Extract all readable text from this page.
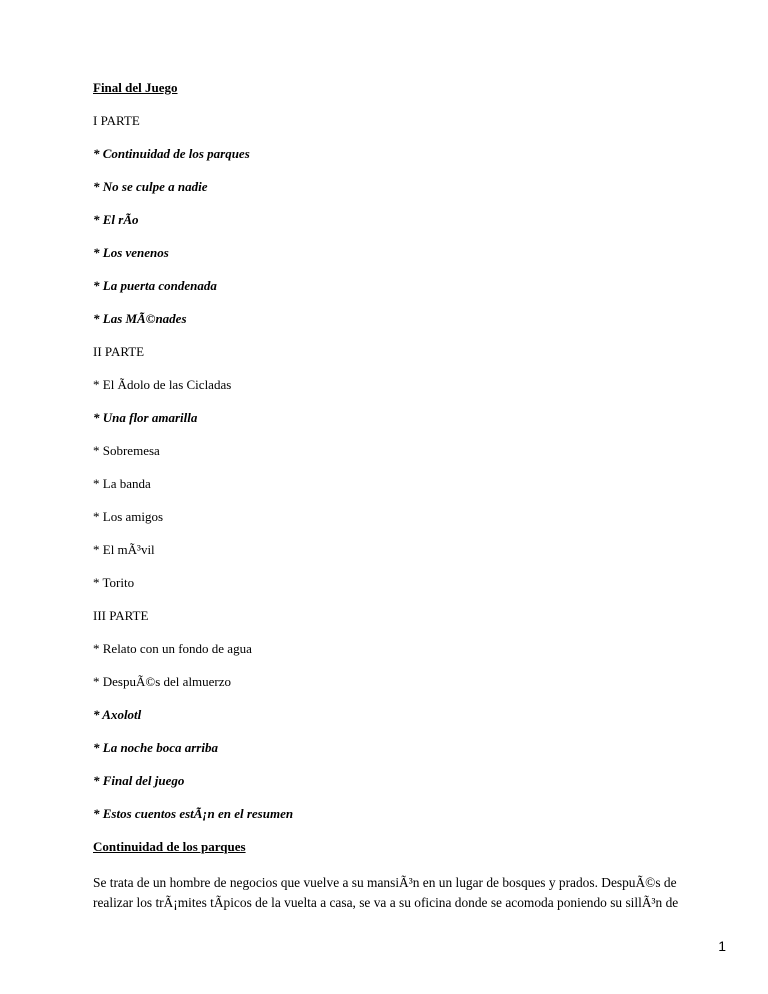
Final del Juego
I PARTE
* Continuidad de los parques
* No se culpe a nadie
* El rÃo
* Los venenos
* La puerta condenada
* Las MÃ©nades
II PARTE
* El Ãdolo de las Cicladas
* Una flor amarilla
* Sobremesa
* La banda
* Los amigos
* El mÃ³vil
* Torito
III PARTE
* Relato con un fondo de agua
* DespuÃ©s del almuerzo
* Axolotl
* La noche boca arriba
* Final del juego
* Estos cuentos estÃ¡n en el resumen
Continuidad de los parques
Se trata de un hombre de negocios que vuelve a su mansiÃ³n en un lugar de bosques y prados. DespuÃ©s de
realizar los trÃ¡mites tÃpicos de la vuelta a casa, se va a su oficina donde se acomoda poniendo su sillÃ³n de
1
